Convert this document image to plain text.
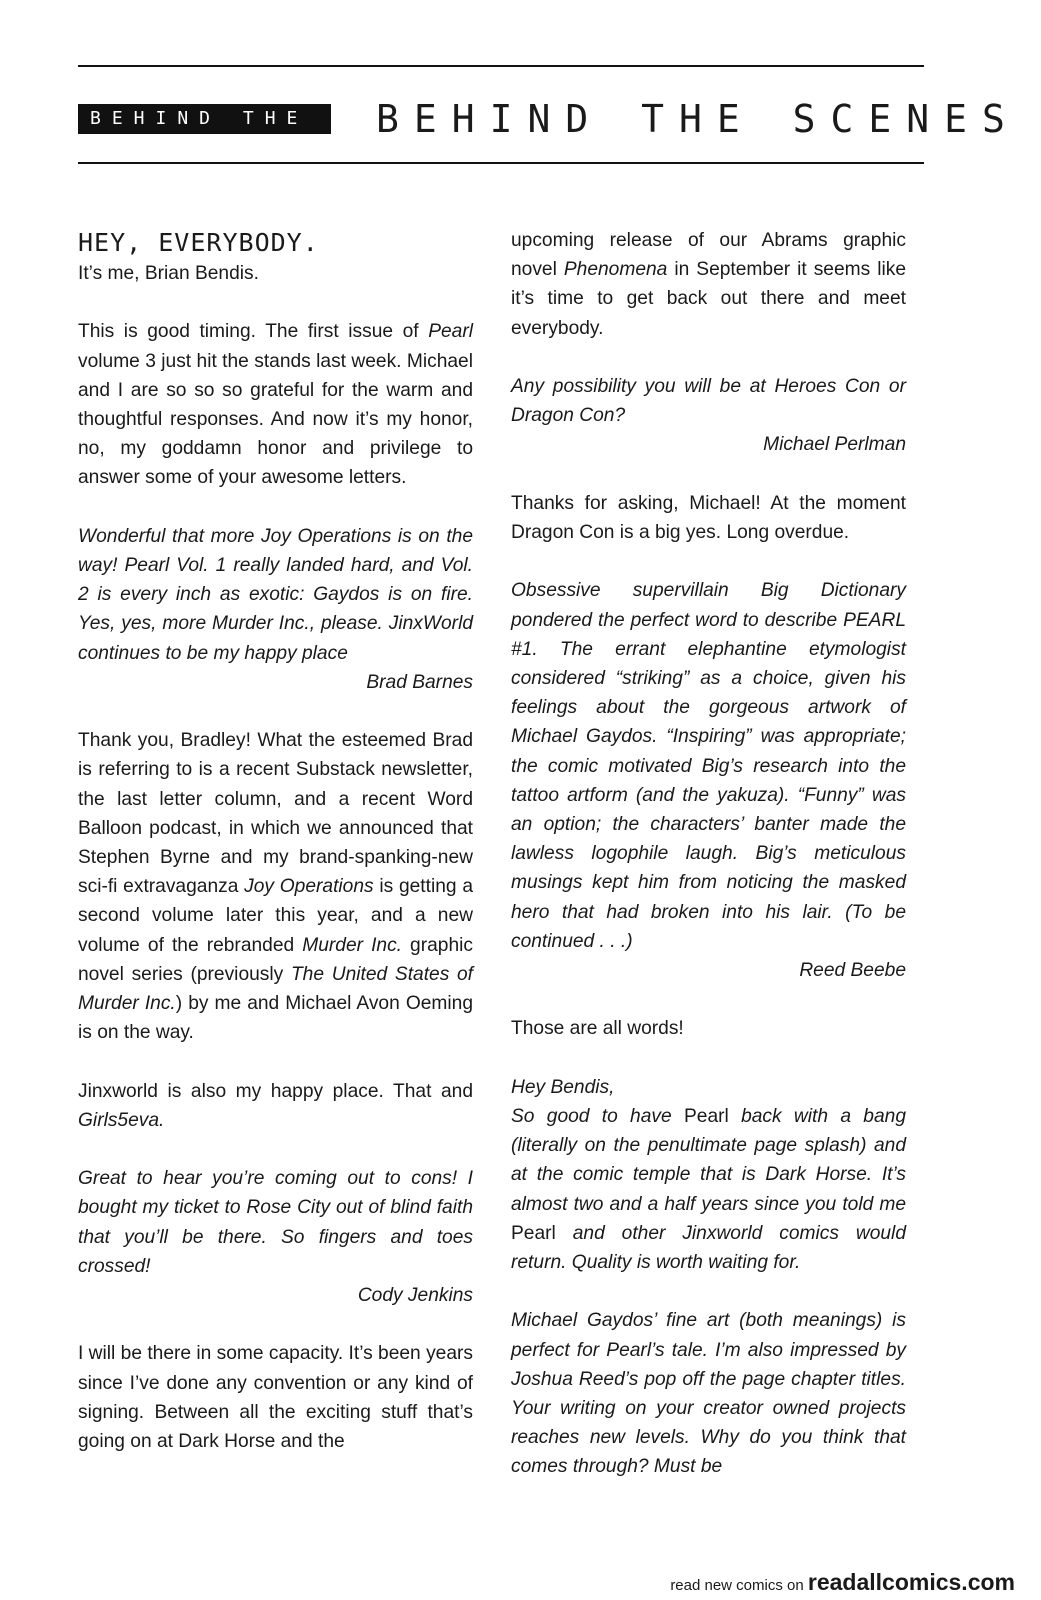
BEHIND THE	BEHIND THE SCENES
HEY, EVERYBODY.

It’s me, Brian Bendis.

This is good timing. The first issue of Pearl volume 3 just hit the stands last week. Michael and I are so so so grateful for the warm and thoughtful responses. And now it’s my honor, no, my goddamn honor and privilege to answer some of your awesome letters.

Wonderful that more Joy Operations is on the way! Pearl Vol. 1 really landed hard, and Vol. 2 is every inch as exotic: Gaydos is on fire. Yes, yes, more Murder Inc., please. JinxWorld continues to be my happy place

Brad Barnes

Thank you, Bradley! What the esteemed Brad is referring to is a recent Substack newsletter, the last letter column, and a recent Word Balloon podcast, in which we announced that Stephen Byrne and my brand-spanking-new sci-fi extravaganza Joy Operations is getting a second volume later this year, and a new volume of the rebranded Murder Inc. graphic novel series (previously The United States of Murder Inc.) by me and Michael Avon Oeming is on the way.

Jinxworld is also my happy place. That and Girls5eva.

Great to hear you’re coming out to cons! I bought my ticket to Rose City out of blind faith that you’ll be there. So fingers and toes crossed!

Cody Jenkins

I will be there in some capacity. It’s been years since I’ve done any convention or any kind of signing. Between all the exciting stuff that’s going on at Dark Horse and the

upcoming release of our Abrams graphic novel Phenomena in September it seems like it’s time to get back out there and meet everybody.

Any possibility you will be at Heroes Con or Dragon Con?

Michael Perlman

Thanks for asking, Michael! At the moment Dragon Con is a big yes. Long overdue.

Obsessive supervillain Big Dictionary pondered the perfect word to describe PEARL #1. The errant elephantine etymologist considered “striking” as a choice, given his feelings about the gorgeous artwork of Michael Gaydos. “Inspiring” was appropriate; the comic motivated Big’s research into the tattoo artform (and the yakuza). “Funny” was an option; the characters’ banter made the lawless logophile laugh. Big’s meticulous musings kept him from noticing the masked hero that had broken into his lair. (To be continued . . .)

Reed Beebe

Those are all words!

Hey Bendis,

So good to have Pearl back with a bang (literally on the penultimate page splash) and at the comic temple that is Dark Horse. It’s almost two and a half years since you told me Pearl and other Jinxworld comics would return. Quality is worth waiting for.

Michael Gaydos’ fine art (both meanings) is perfect for Pearl’s tale. I’m also impressed by Joshua Reed’s pop off the page chapter titles. Your writing on your creator owned projects reaches new levels. Why do you think that comes through? Must be

read new comics on readallcomics.com
